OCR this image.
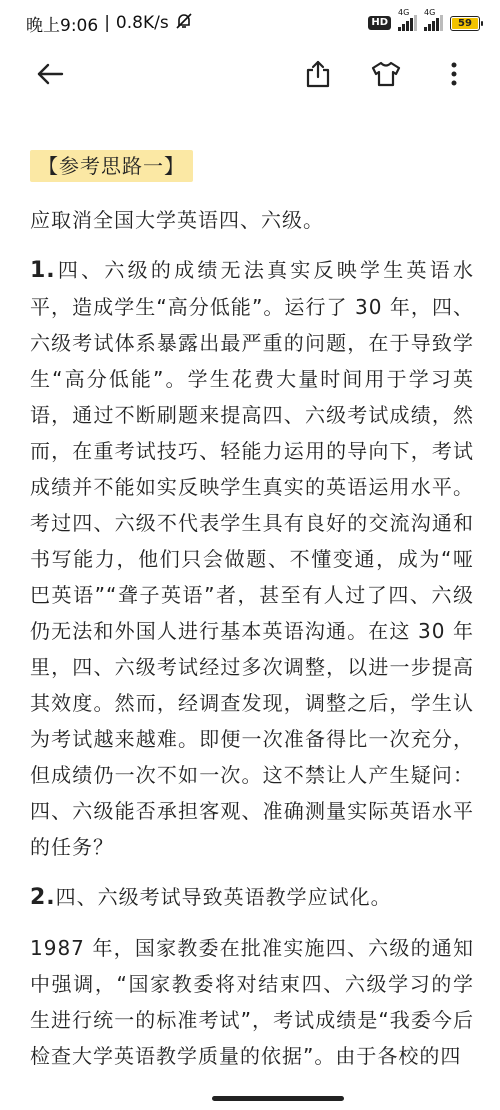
晚上9:06 | 0.8K/s	HD
4G 4G
59
【参考思路一】

应取消全国大学英语四、六级。

1.四、六级的成绩无法真实反映学生英语水平，造成学生“高分低能”。运行了 30 年，四、六级考试体系暴露出最严重的问题，在于导致学生“高分低能”。学生花费大量时间用于学习英语，通过不断刷题来提高四、六级考试成绩，然而，在重考试技巧、轻能力运用的导向下，考试成绩并不能如实反映学生真实的英语运用水平。考过四、六级不代表学生具有良好的交流沟通和书写能力，他们只会做题、不懂变通，成为“哑巴英语”“聋子英语”者，甚至有人过了四、六级仍无法和外国人进行基本英语沟通。在这 30 年里，四、六级考试经过多次调整，以进一步提高其效度。然而，经调查发现，调整之后，学生认为考试越来越难。即便一次准备得比一次充分，但成绩仍一次不如一次。这不禁让人产生疑问：四、六级能否承担客观、准确测量实际英语水平的任务？

2.四、六级考试导致英语教学应试化。

1987 年，国家教委在批准实施四、六级的通知中强调，“国家教委将对结束四、六级学习的学生进行统一的标准考试”，考试成绩是“我委今后检查大学英语教学质量的依据”。由于各校的四
